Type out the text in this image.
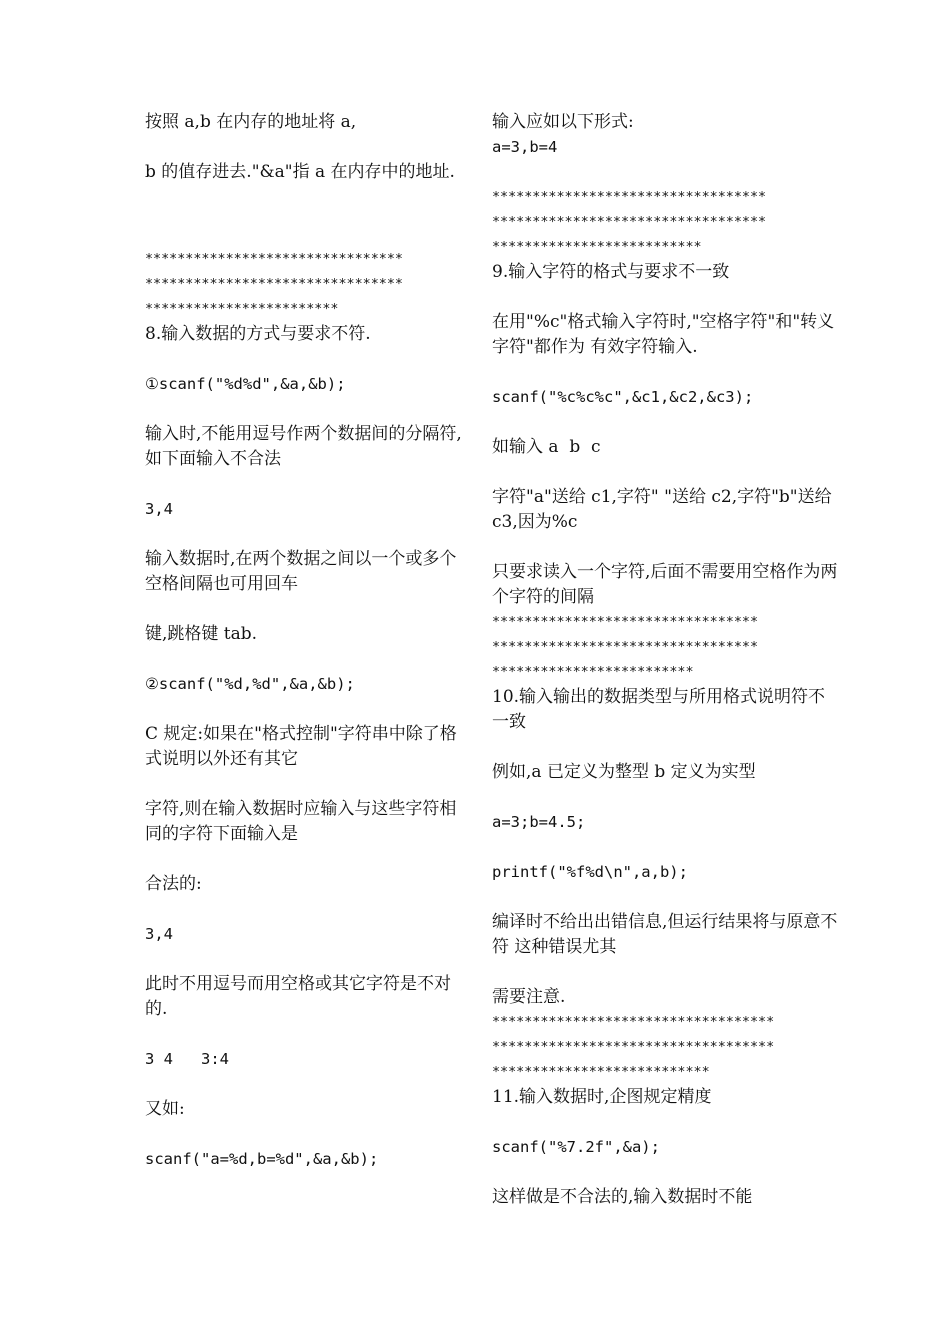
按照 a,b 在内存的地址将 a,

b 的值存进去."&a"指 a 在内存中的地址.

********************************
********************************
************************

8.输入数据的方式与要求不符.

①scanf("%d%d",&a,&b);

输入时,不能用逗号作两个数据间的分隔符,如下面输入不合法

3,4

输入数据时,在两个数据之间以一个或多个空格间隔也可用回车

键,跳格键 tab.

②scanf("%d,%d",&a,&b);

C 规定:如果在"格式控制"字符串中除了格式说明以外还有其它

字符,则在输入数据时应输入与这些字符相同的字符下面输入是

合法的:

3,4

此时不用逗号而用空格或其它字符是不对的.

3 4   3:4

又如:

scanf("a=%d,b=%d",&a,&b);

输入应如以下形式:

a=3,b=4

**********************************
**********************************
**************************

9.输入字符的格式与要求不一致

在用"%c"格式输入字符时,"空格字符"和"转义字符"都作为 有效字符输入.

scanf("%c%c%c",&c1,&c2,&c3);

如输入 a  b  c

字符"a"送给 c1,字符" "送给 c2,字符"b"送给 c3,因为%c

只要求读入一个字符,后面不需要用空格作为两个字符的间隔

*********************************
*********************************
*************************

10.输入输出的数据类型与所用格式说明符不一致

例如,a 已定义为整型 b 定义为实型

a=3;b=4.5;

printf("%f%d\n",a,b);

编译时不给出出错信息,但运行结果将与原意不符 这种错误尤其

需要注意.

***********************************
***********************************
***************************

11.输入数据时,企图规定精度

scanf("%7.2f",&a);

这样做是不合法的,输入数据时不能
